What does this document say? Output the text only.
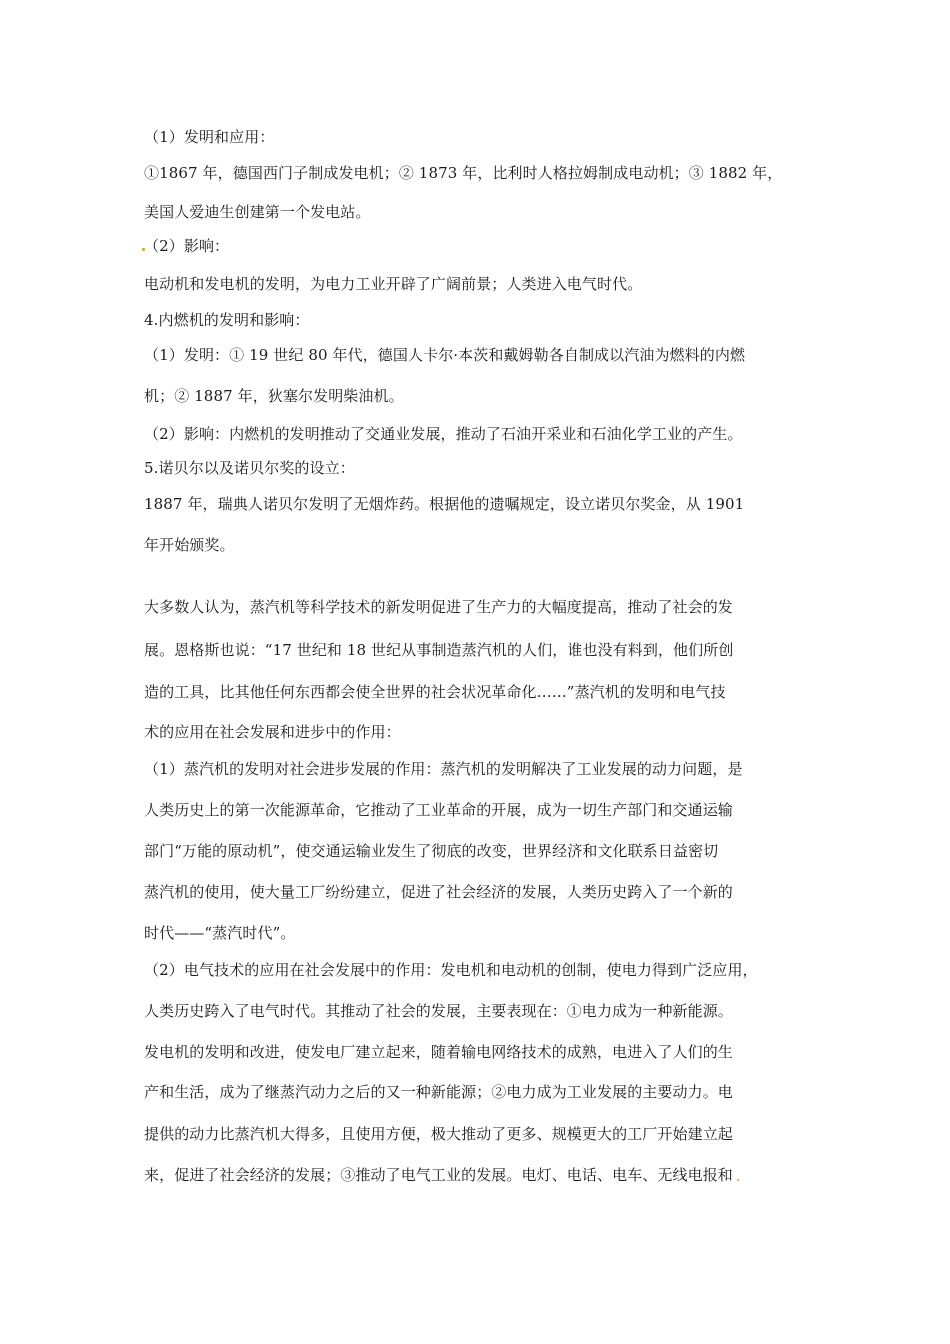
（1）发明和应用：
①1867 年，德国西门子制成发电机；② 1873 年，比利时人格拉姆制成电动机；③ 1882 年，
美国人爱迪生创建第一个发电站。
（2）影响：
电动机和发电机的发明，为电力工业开辟了广阔前景；人类进入电气时代。
4.内燃机的发明和影响：
（1）发明：① 19 世纪 80 年代，德国人卡尔·本茨和戴姆勒各自制成以汽油为燃料的内燃
机；② 1887 年，狄塞尔发明柴油机。
（2）影响：内燃机的发明推动了交通业发展，推动了石油开采业和石油化学工业的产生。
5.诺贝尔以及诺贝尔奖的设立：
1887 年，瑞典人诺贝尔发明了无烟炸药。根据他的遗嘱规定，设立诺贝尔奖金，从 1901
年开始颁奖。
大多数人认为，蒸汽机等科学技术的新发明促进了生产力的大幅度提高，推动了社会的发
展。恩格斯也说：“17 世纪和 18 世纪从事制造蒸汽机的人们，谁也没有料到，他们所创
造的工具，比其他任何东西都会使全世界的社会状况革命化……”蒸汽机的发明和电气技
术的应用在社会发展和进步中的作用：
（1）蒸汽机的发明对社会进步发展的作用：蒸汽机的发明解决了工业发展的动力问题，是
人类历史上的第一次能源革命，它推动了工业革命的开展，成为一切生产部门和交通运输
部门“万能的原动机”，使交通运输业发生了彻底的改变，世界经济和文化联系日益密切
蒸汽机的使用，使大量工厂纷纷建立，促进了社会经济的发展，人类历史跨入了一个新的
时代——“蒸汽时代”。
（2）电气技术的应用在社会发展中的作用：发电机和电动机的创制，使电力得到广泛应用，
人类历史跨入了电气时代。其推动了社会的发展，主要表现在：①电力成为一种新能源。
发电机的发明和改进，使发电厂建立起来，随着输电网络技术的成熟，电进入了人们的生
产和生活，成为了继蒸汽动力之后的又一种新能源；②电力成为工业发展的主要动力。电
提供的动力比蒸汽机大得多，且使用方便，极大推动了更多、规模更大的工厂开始建立起
来，促进了社会经济的发展；③推动了电气工业的发展。电灯、电话、电车、无线电报和
